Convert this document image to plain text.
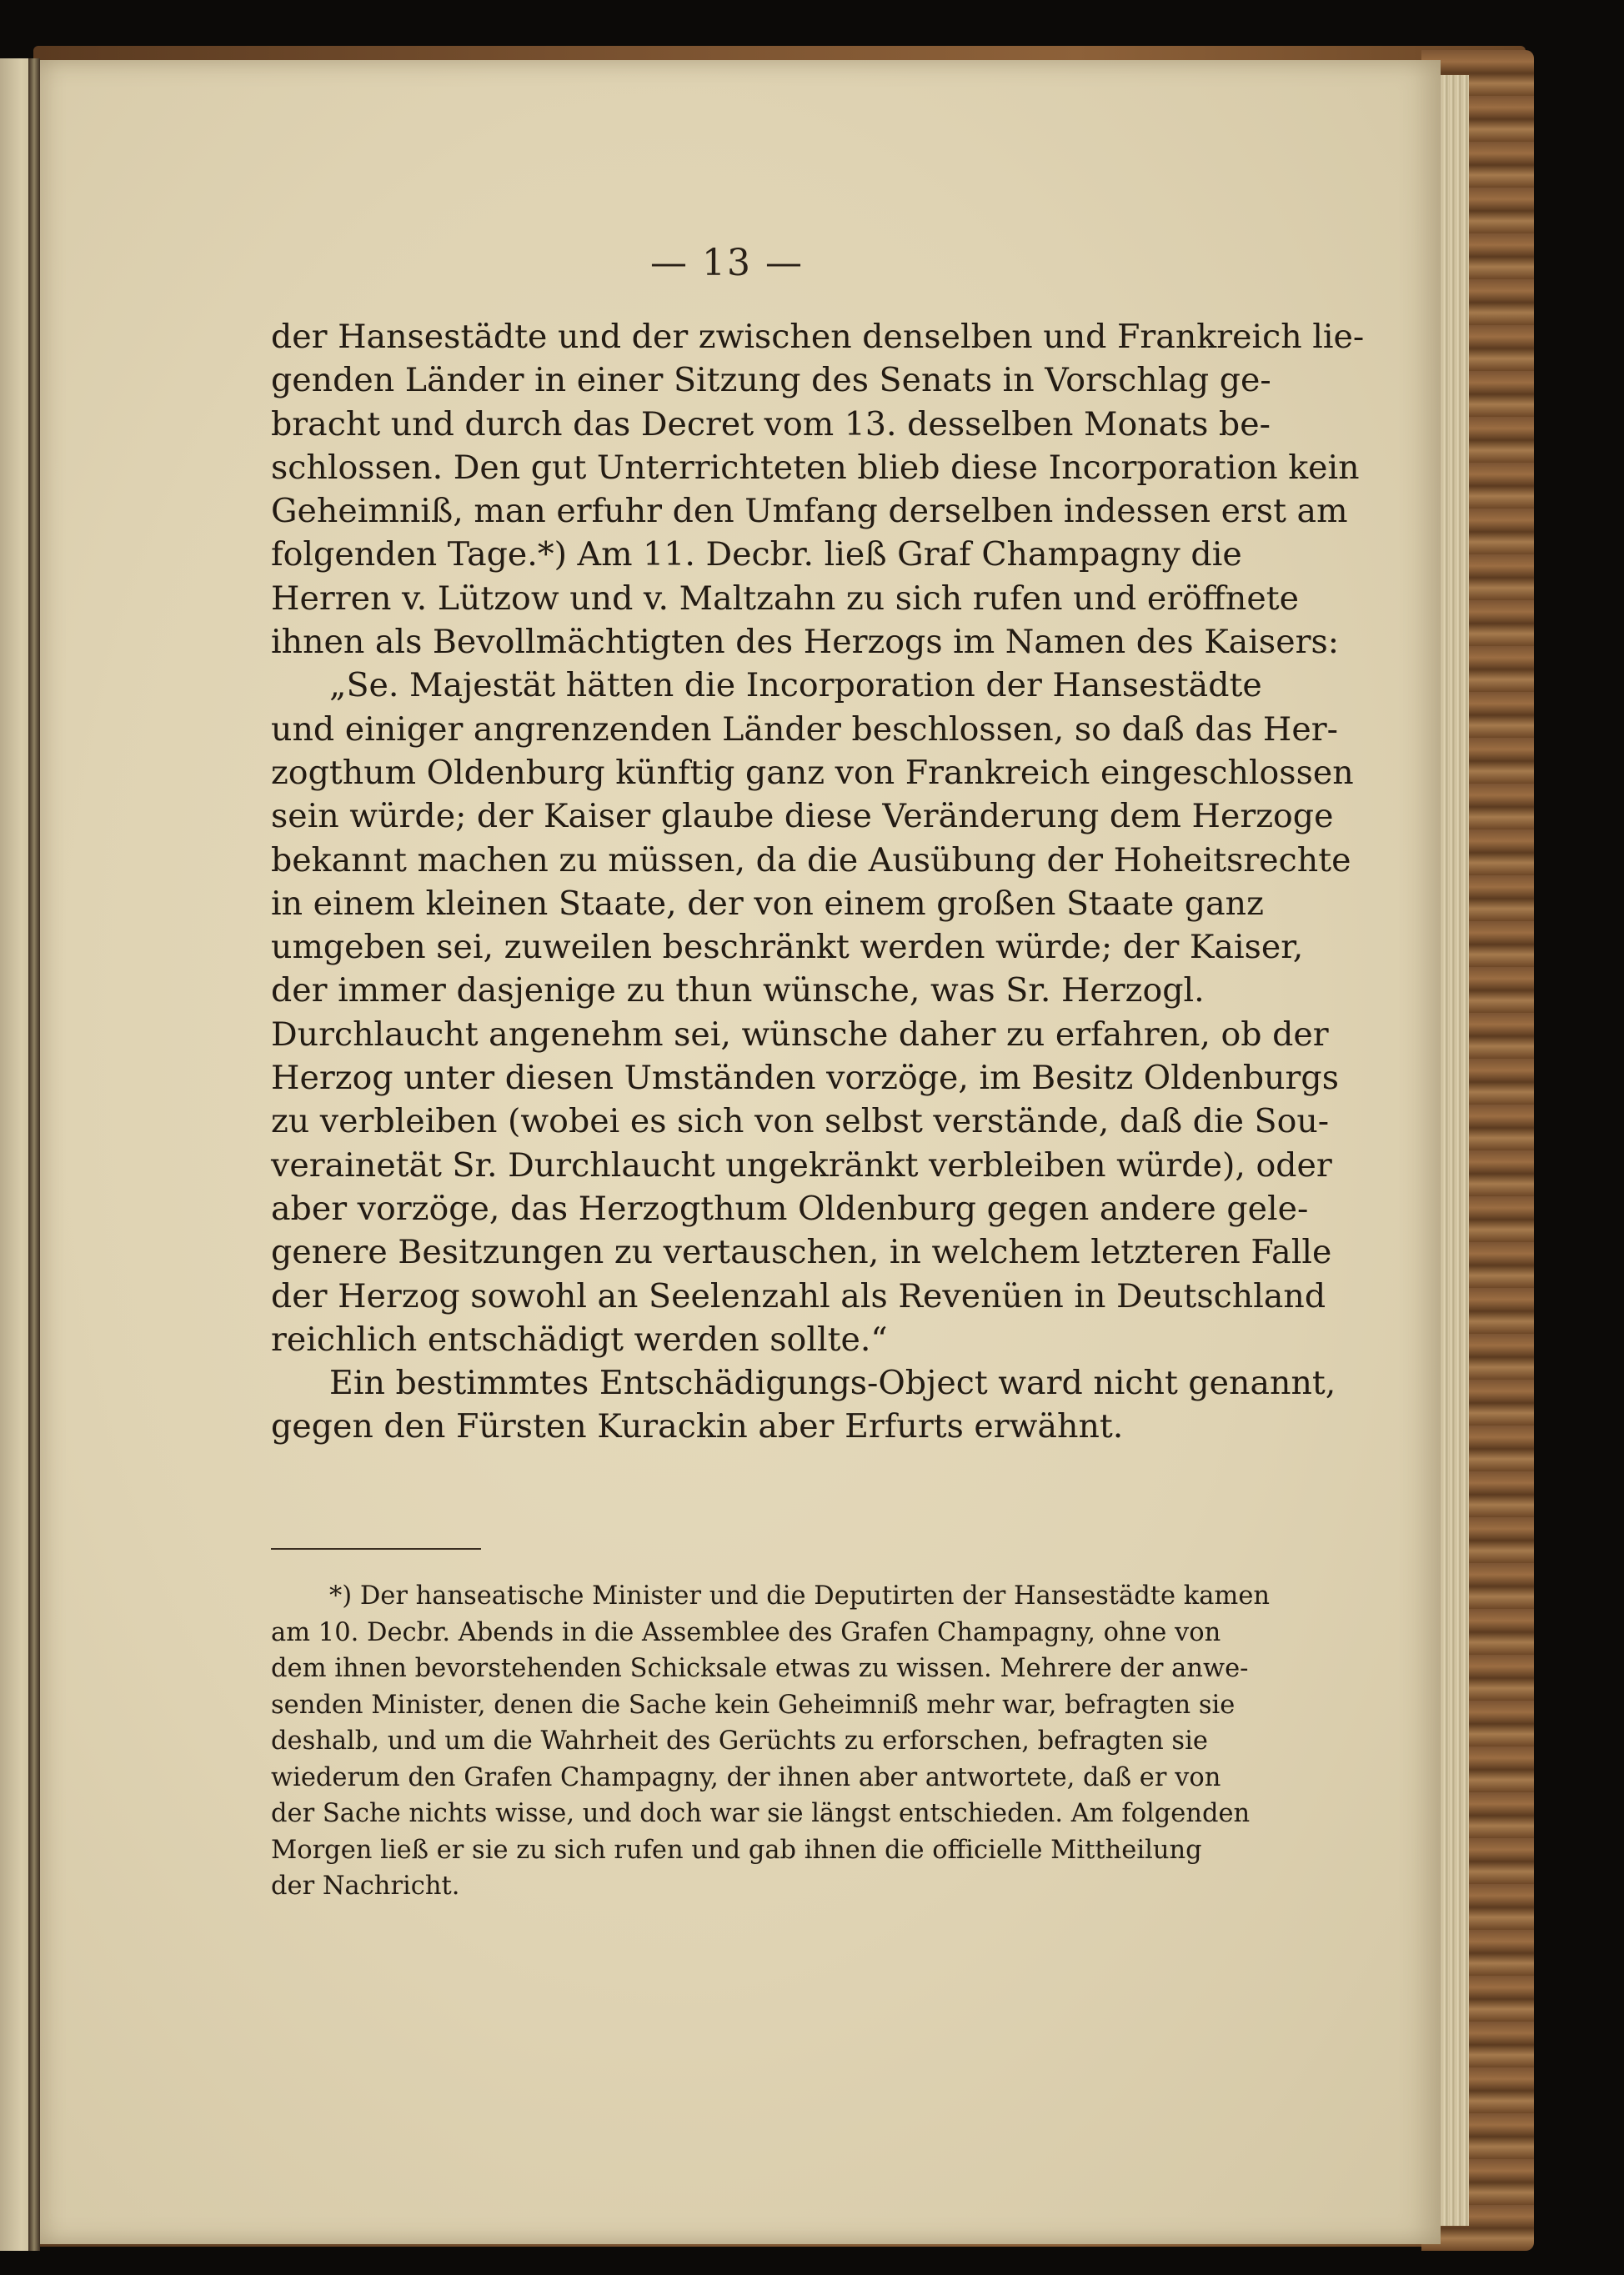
— 13 —
der Hansestädte und der zwischen denselben und Frankreich lie-
genden Länder in einer Sitzung des Senats in Vorschlag ge-
bracht und durch das Decret vom 13. desselben Monats be-
schlossen. Den gut Unterrichteten blieb diese Incorporation kein
Geheimniß, man erfuhr den Umfang derselben indessen erst am
folgenden Tage.*) Am 11. Decbr. ließ Graf Champagny die
Herren v. Lützow und v. Maltzahn zu sich rufen und eröffnete
ihnen als Bevollmächtigten des Herzogs im Namen des Kaisers:
„Se. Majestät hätten die Incorporation der Hansestädte
und einiger angrenzenden Länder beschlossen, so daß das Her-
zogthum Oldenburg künftig ganz von Frankreich eingeschlossen
sein würde; der Kaiser glaube diese Veränderung dem Herzoge
bekannt machen zu müssen, da die Ausübung der Hoheitsrechte
in einem kleinen Staate, der von einem großen Staate ganz
umgeben sei, zuweilen beschränkt werden würde; der Kaiser,
der immer dasjenige zu thun wünsche, was Sr. Herzogl.
Durchlaucht angenehm sei, wünsche daher zu erfahren, ob der
Herzog unter diesen Umständen vorzöge, im Besitz Oldenburgs
zu verbleiben (wobei es sich von selbst verstände, daß die Sou-
verainetät Sr. Durchlaucht ungekränkt verbleiben würde), oder
aber vorzöge, das Herzogthum Oldenburg gegen andere gele-
genere Besitzungen zu vertauschen, in welchem letzteren Falle
der Herzog sowohl an Seelenzahl als Revenüen in Deutschland
reichlich entschädigt werden sollte.“
Ein bestimmtes Entschädigungs-Object ward nicht genannt,
gegen den Fürsten Kurackin aber Erfurts erwähnt.
*) Der hanseatische Minister und die Deputirten der Hansestädte kamen
am 10. Decbr. Abends in die Assemblee des Grafen Champagny, ohne von
dem ihnen bevorstehenden Schicksale etwas zu wissen. Mehrere der anwe-
senden Minister, denen die Sache kein Geheimniß mehr war, befragten sie
deshalb, und um die Wahrheit des Gerüchts zu erforschen, befragten sie
wiederum den Grafen Champagny, der ihnen aber antwortete, daß er von
der Sache nichts wisse, und doch war sie längst entschieden. Am folgenden
Morgen ließ er sie zu sich rufen und gab ihnen die officielle Mittheilung
der Nachricht.
